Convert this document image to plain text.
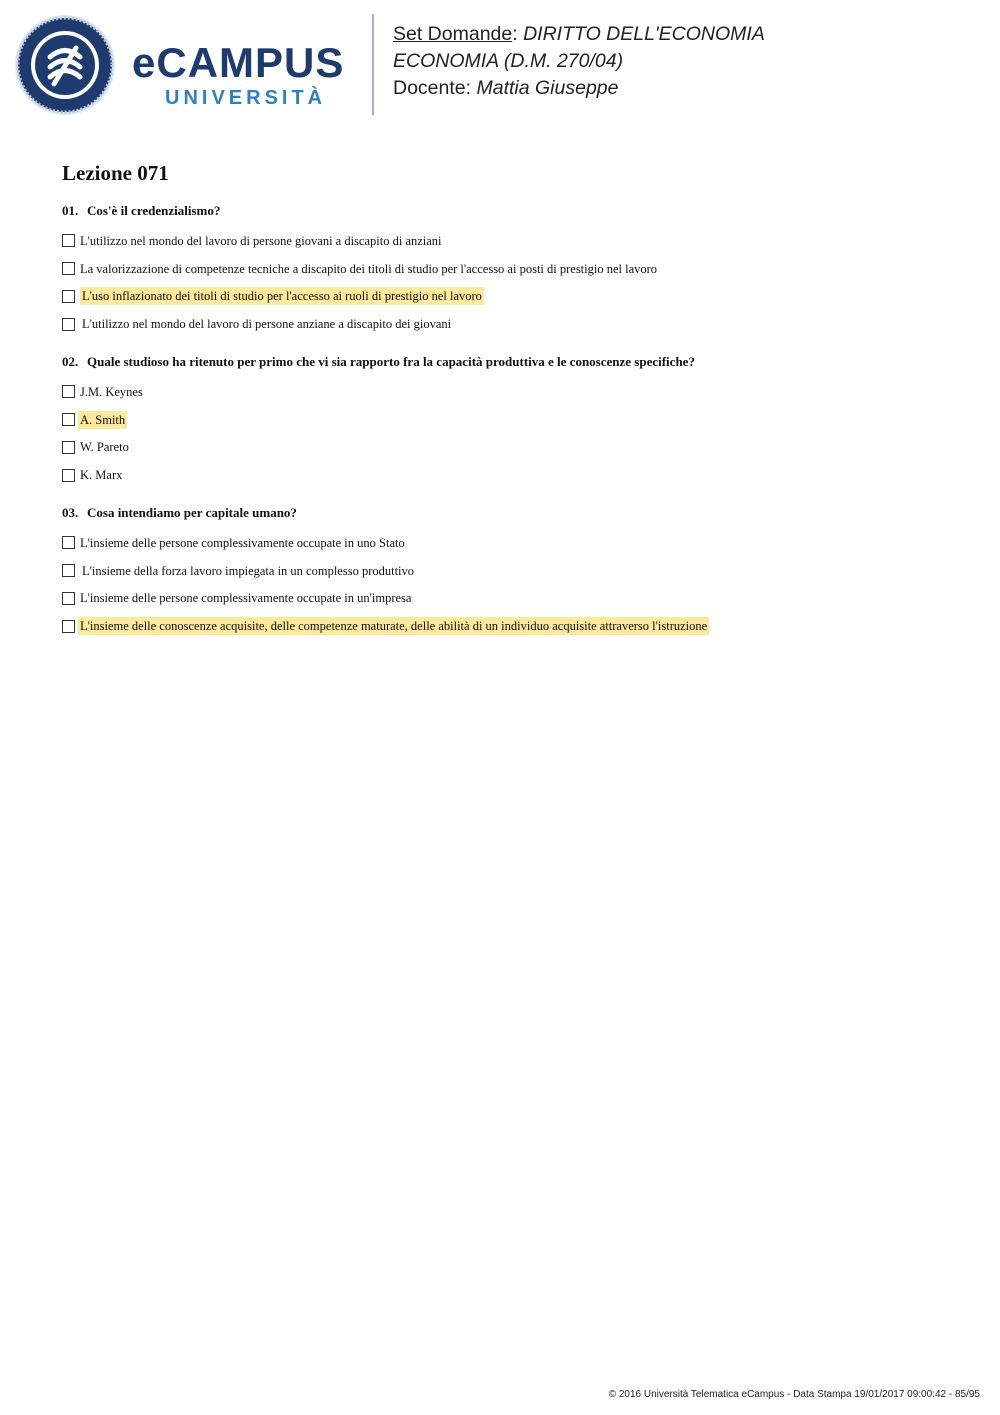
eCAMPUS
UNIVERSITÀ
Set Domande: DIRITTO DELL'ECONOMIA
ECONOMIA (D.M. 270/04)
Docente: Mattia Giuseppe
Lezione 071
01. Cos'è il credenzialismo?
L'utilizzo nel mondo del lavoro di persone giovani a discapito di anziani
La valorizzazione di competenze tecniche a discapito dei titoli di studio per l'accesso ai posti di prestigio nel lavoro
L'uso inflazionato dei titoli di studio per l'accesso ai ruoli di prestigio nel lavoro
L'utilizzo nel mondo del lavoro di persone anziane a discapito dei giovani
02. Quale studioso ha ritenuto per primo che vi sia rapporto fra la capacità produttiva e le conoscenze specifiche?
J.M. Keynes
A. Smith
W. Pareto
K. Marx
03. Cosa intendiamo per capitale umano?
L'insieme delle persone complessivamente occupate in uno Stato
L'insieme della forza lavoro impiegata in un complesso produttivo
L'insieme delle persone complessivamente occupate in un'impresa
L'insieme delle conoscenze acquisite, delle competenze maturate, delle abilità di un individuo acquisite attraverso l'istruzione
© 2016 Università Telematica eCampus - Data Stampa 19/01/2017 09:00:42 - 85/95
